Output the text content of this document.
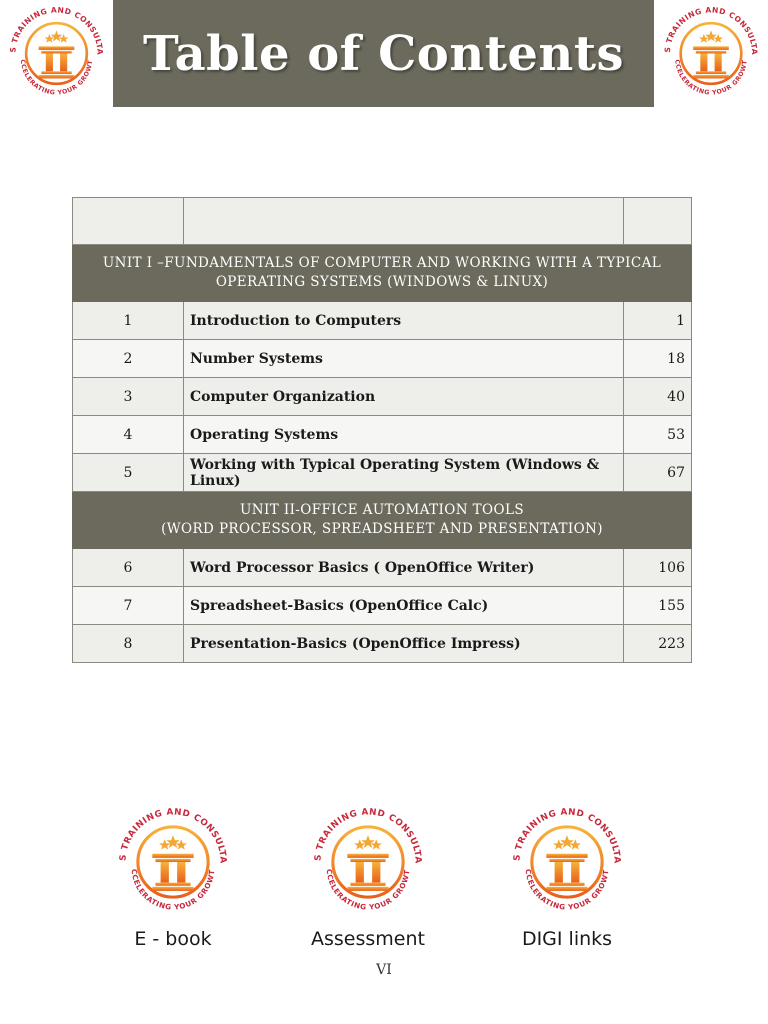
Table of Contents

UNIT I –FUNDAMENTALS OF COMPUTER AND WORKING WITH A TYPICAL
OPERATING SYSTEMS (WINDOWS & LINUX)		

1	Introduction to Computers	1
2	Number Systems	18
3	Computer Organization	40
4	Operating Systems	53
5	Working with Typical Operating System (Windows & Linux)	67

UNIT II-OFFICE AUTOMATION TOOLS
(WORD PROCESSOR, SPREADSHEET AND PRESENTATION)		

6	Word Processor Basics ( OpenOffice Writer)	106
7	Spreadsheet-Basics (OpenOffice Calc)	155
8	Presentation-Basics (OpenOffice Impress)	223
E - book	Assessment	DIGI links
VI
